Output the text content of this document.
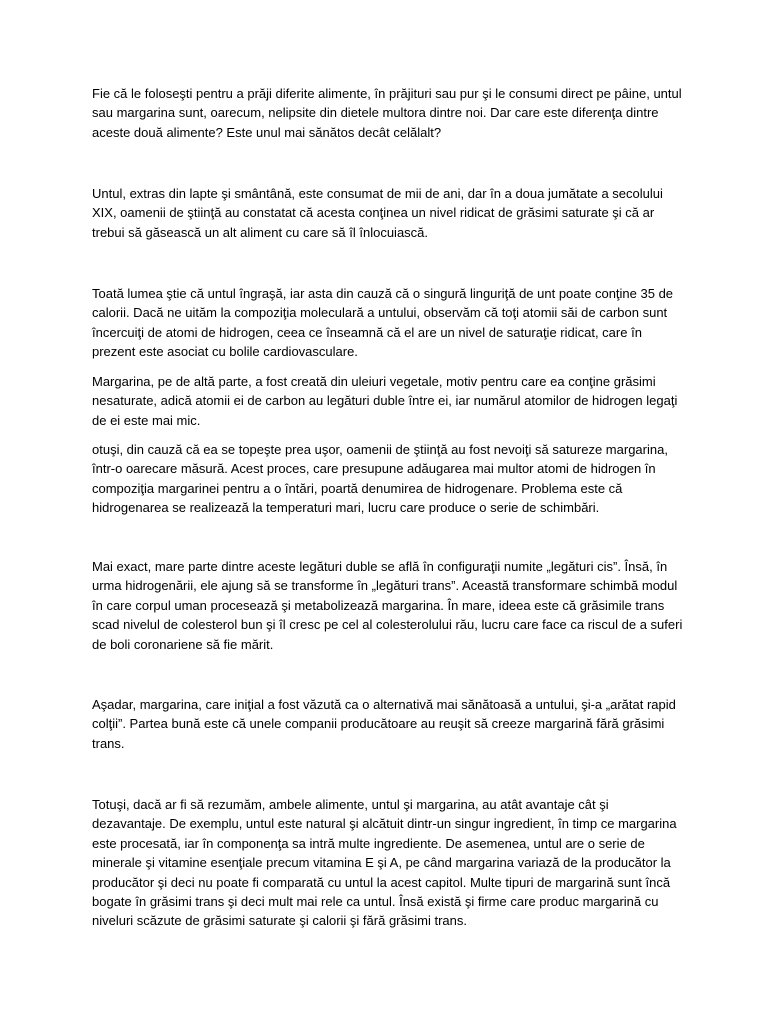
Fie că le foloseşti pentru a prăji diferite alimente, în prăjituri sau pur şi le consumi direct pe pâine, untul sau margarina sunt, oarecum, nelipsite din dietele multora dintre noi. Dar care este diferenţa dintre aceste două alimente? Este unul mai sănătos decât celălalt?

Untul, extras din lapte şi smântână, este consumat de mii de ani, dar în a doua jumătate a secolului XIX, oamenii de ştiinţă au constatat că acesta conţinea un nivel ridicat de grăsimi saturate şi că ar trebui să găsească un alt aliment cu care să îl înlocuiască.

Toată lumea ştie că untul îngraşă, iar asta din cauză că o singură linguriţă de unt poate conţine 35 de calorii. Dacă ne uităm la compoziţia moleculară a untului, observăm că toţi atomii săi de carbon sunt încercuiţi de atomi de hidrogen, ceea ce înseamnă că el are un nivel de saturaţie ridicat, care în prezent este asociat cu bolile cardiovasculare.

Margarina, pe de altă parte, a fost creată din uleiuri vegetale, motiv pentru care ea conţine grăsimi nesaturate, adică atomii ei de carbon au legături duble între ei, iar numărul atomilor de hidrogen legaţi de ei este mai mic.

otuşi, din cauză că ea se topeşte prea uşor, oamenii de ştiinţă au fost nevoiţi să satureze margarina, într-o oarecare măsură. Acest proces, care presupune adăugarea mai multor atomi de hidrogen în compoziţia margarinei pentru a o întări, poartă denumirea de hidrogenare. Problema este că hidrogenarea se realizează la temperaturi mari, lucru care produce o serie de schimbări.

Mai exact, mare parte dintre aceste legături duble se află în configuraţii numite „legături cis”. Însă, în urma hidrogenării, ele ajung să se transforme în „legături trans”. Această transformare schimbă modul în care corpul uman procesează şi metabolizează margarina. În mare, ideea este că grăsimile trans scad nivelul de colesterol bun şi îl cresc pe cel al colesterolului rău, lucru care face ca riscul de a suferi de boli coronariene să fie mărit.

Aşadar, margarina, care iniţial a fost văzută ca o alternativă mai sănătoasă a untului, şi-a „arătat rapid colţii”. Partea bună este că unele companii producătoare au reuşit să creeze margarină fără grăsimi trans.

Totuşi, dacă ar fi să rezumăm, ambele alimente, untul şi margarina, au atât avantaje cât şi dezavantaje. De exemplu, untul este natural şi alcătuit dintr-un singur ingredient, în timp ce margarina este procesată, iar în componenţa sa intră multe ingrediente. De asemenea, untul are o serie de minerale şi vitamine esenţiale precum vitamina E şi A, pe când margarina variază de la producător la producător şi deci nu poate fi comparată cu untul la acest capitol. Multe tipuri de margarină sunt încă bogate în grăsimi trans şi deci mult mai rele ca untul. Însă există şi firme care produc margarină cu niveluri scăzute de grăsimi saturate şi calorii şi fără grăsimi trans.
